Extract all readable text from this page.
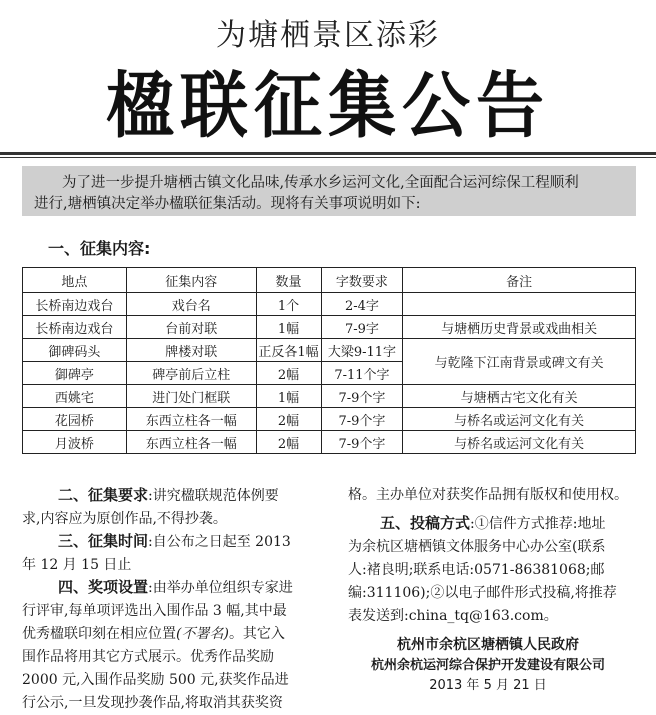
为塘栖景区添彩
楹联征集公告
为了进一步提升塘栖古镇文化品味,传承水乡运河文化,全面配合运河综保工程顺利
进行,塘栖镇决定举办楹联征集活动。现将有关事项说明如下:
一、征集内容:
地点	征集内容	数量	字数要求	备注
长桥南边戏台	戏台名	1个	2-4字	
长桥南边戏台	台前对联	1幅	7-9字	与塘栖历史背景或戏曲相关
御碑码头	牌楼对联	正反各1幅	大梁9-11字	与乾隆下江南背景或碑文有关
御碑亭	碑亭前后立柱	2幅	7-11个字	
西姚宅	进门处门框联	1幅	7-9个字	与塘栖古宅文化有关
花园桥	东西立柱各一幅	2幅	7-9个字	与桥名或运河文化有关
月波桥	东西立柱各一幅	2幅	7-9个字	与桥名或运河文化有关
二、征集要求:讲究楹联规范体例要
求,内容应为原创作品,不得抄袭。
三、征集时间:自公布之日起至 2013
年 12 月 15 日止
四、奖项设置:由举办单位组织专家进
行评审,每单项评选出入围作品 3 幅,其中最
优秀楹联印刻在相应位置(不署名)。其它入
围作品将用其它方式展示。优秀作品奖励
2000 元,入围作品奖励 500 元,获奖作品进
行公示,一旦发现抄袭作品,将取消其获奖资
格。主办单位对获奖作品拥有版权和使用权。
五、投稿方式:①信件方式推荐:地址
为余杭区塘栖镇文体服务中心办公室(联系
人:褚良明;联系电话:0571-86381068;邮
编:311106);②以电子邮件形式投稿,将推荐
表发送到:china_tq@163.com。
杭州市余杭区塘栖镇人民政府
杭州余杭运河综合保护开发建设有限公司
2013 年 5 月 21 日
